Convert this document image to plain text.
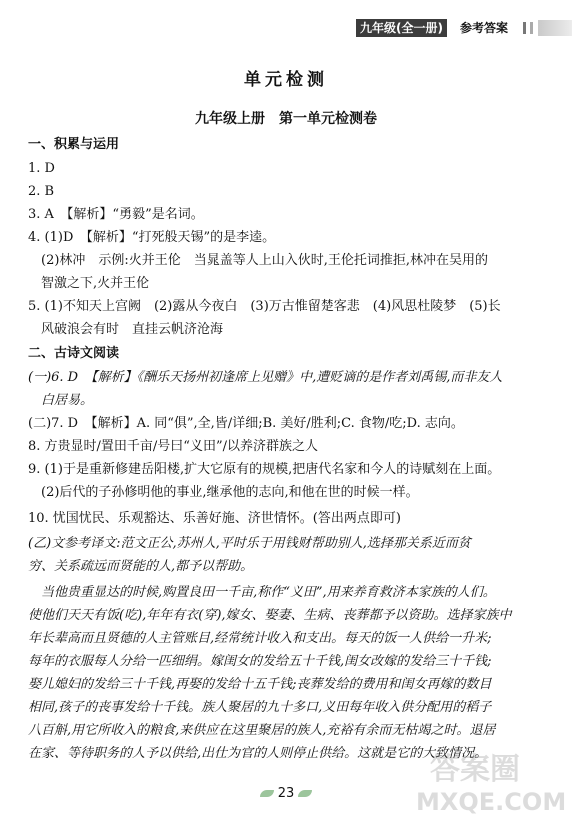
九年级(全一册)	参考答案
单元检测
九年级上册　第一单元检测卷
一、积累与运用
1. D
2. B
3. A　【解析】“勇毅”是名词。
4. (1)D　【解析】“打死般天锡”的是李逵。
　(2)林冲　示例:火并王伦　当晁盖等人上山入伙时,王伦托词推拒,林冲在吴用的
　智激之下,火并王伦
5. (1)不知天上宫阙　(2)露从今夜白　(3)万古惟留楚客悲　(4)风思杜陵梦　(5)长
　风破浪会有时　直挂云帆济沧海
二、古诗文阅读
(一)6. D　【解析】《酬乐天扬州初逢席上见赠》中,遭贬谪的是作者刘禹锡,而非友人
　白居易。
(二)7. D　【解析】A. 同“俱”,全,皆/详细;B. 美好/胜利;C. 食物/吃;D. 志向。
8. 方贵显时/置田千亩/号曰“义田”/以养济群族之人
9. (1)于是重新修建岳阳楼,扩大它原有的规模,把唐代名家和今人的诗赋刻在上面。
　(2)后代的子孙修明他的事业,继承他的志向,和他在世的时候一样。
10. 忧国忧民、乐观豁达、乐善好施、济世情怀。(答出两点即可)
(乙)文参考译文:范文正公,苏州人,平时乐于用钱财帮助别人,选择那关系近而贫
穷、关系疏远而贤能的人,都予以帮助。
　当他贵重显达的时候,购置良田一千亩,称作“义田”,用来养育救济本家族的人们。
使他们天天有饭(吃),年年有衣(穿),嫁女、娶妻、生病、丧葬都予以资助。选择家族中
年长辈高而且贤德的人主管账目,经常统计收入和支出。每天的饭一人供给一升米;
每年的衣服每人分给一匹细绢。嫁闺女的发给五十千钱,闺女改嫁的发给三十千钱;
娶儿媳妇的发给三十千钱,再娶的发给十五千钱;丧葬发给的费用和闺女再嫁的数目
相同,孩子的丧事发给十千钱。族人聚居的九十多口,义田每年收入供分配用的稻子
八百斛,用它所收入的粮食,来供应在这里聚居的族人,充裕有余而无枯竭之时。退居
在家、等待职务的人予以供给,出仕为官的人则停止供给。这就是它的大致情况。
23
答案圈
MXQE.COM
